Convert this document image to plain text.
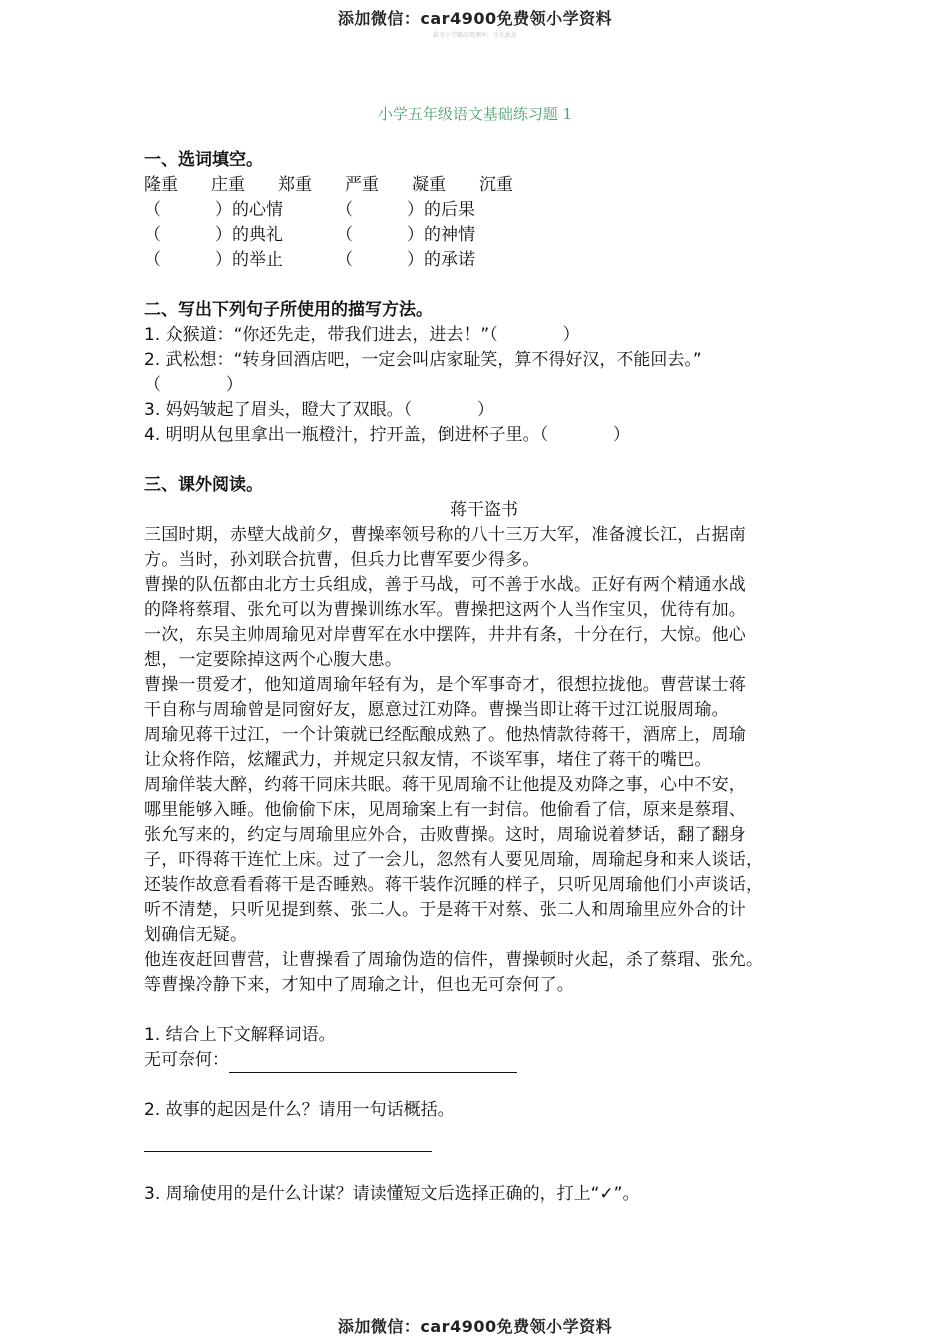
添加微信：car4900免费领小学资料
最全小学精品资源库，尽在此处
小学五年级语文基础练习题 1
一、选词填空。
隆重	庄重	郑重	严重	凝重	沉重
（          ）的心情	（          ）的后果
（          ）的典礼	（          ）的神情
（          ）的举止	（          ）的承诺
二、写出下列句子所使用的描写方法。
1. 众猴道：“你还先走，带我们进去，进去！”（            ）
2. 武松想：“转身回酒店吧，一定会叫店家耻笑，算不得好汉，不能回去。”
（            ）
3. 妈妈皱起了眉头，瞪大了双眼。（            ）
4. 明明从包里拿出一瓶橙汁，拧开盖，倒进杯子里。（            ）
三、课外阅读。
蒋干盗书
三国时期，赤壁大战前夕，曹操率领号称的八十三万大军，准备渡长江，占据南
方。当时，孙刘联合抗曹，但兵力比曹军要少得多。
曹操的队伍都由北方士兵组成，善于马战，可不善于水战。正好有两个精通水战
的降将蔡瑁、张允可以为曹操训练水军。曹操把这两个人当作宝贝，优待有加。
一次，东吴主帅周瑜见对岸曹军在水中摆阵，井井有条，十分在行，大惊。他心
想，一定要除掉这两个心腹大患。
曹操一贯爱才，他知道周瑜年轻有为，是个军事奇才，很想拉拢他。曹营谋士蒋
干自称与周瑜曾是同窗好友，愿意过江劝降。曹操当即让蒋干过江说服周瑜。
周瑜见蒋干过江，一个计策就已经酝酿成熟了。他热情款待蒋干，酒席上，周瑜
让众将作陪，炫耀武力，并规定只叙友情，不谈军事，堵住了蒋干的嘴巴。
周瑜佯装大醉，约蒋干同床共眠。蒋干见周瑜不让他提及劝降之事，心中不安，
哪里能够入睡。他偷偷下床，见周瑜案上有一封信。他偷看了信，原来是蔡瑁、
张允写来的，约定与周瑜里应外合，击败曹操。这时，周瑜说着梦话，翻了翻身
子，吓得蒋干连忙上床。过了一会儿，忽然有人要见周瑜，周瑜起身和来人谈话，
还装作故意看看蒋干是否睡熟。蒋干装作沉睡的样子，只听见周瑜他们小声谈话，
听不清楚，只听见提到蔡、张二人。于是蒋干对蔡、张二人和周瑜里应外合的计
划确信无疑。
他连夜赶回曹营，让曹操看了周瑜伪造的信件，曹操顿时火起，杀了蔡瑁、张允。
等曹操冷静下来，才知中了周瑜之计，但也无可奈何了。
1. 结合上下文解释词语。
无可奈何：
2. 故事的起因是什么？请用一句话概括。
3. 周瑜使用的是什么计谋？请读懂短文后选择正确的，打上“✓”。
添加微信：car4900免费领小学资料
